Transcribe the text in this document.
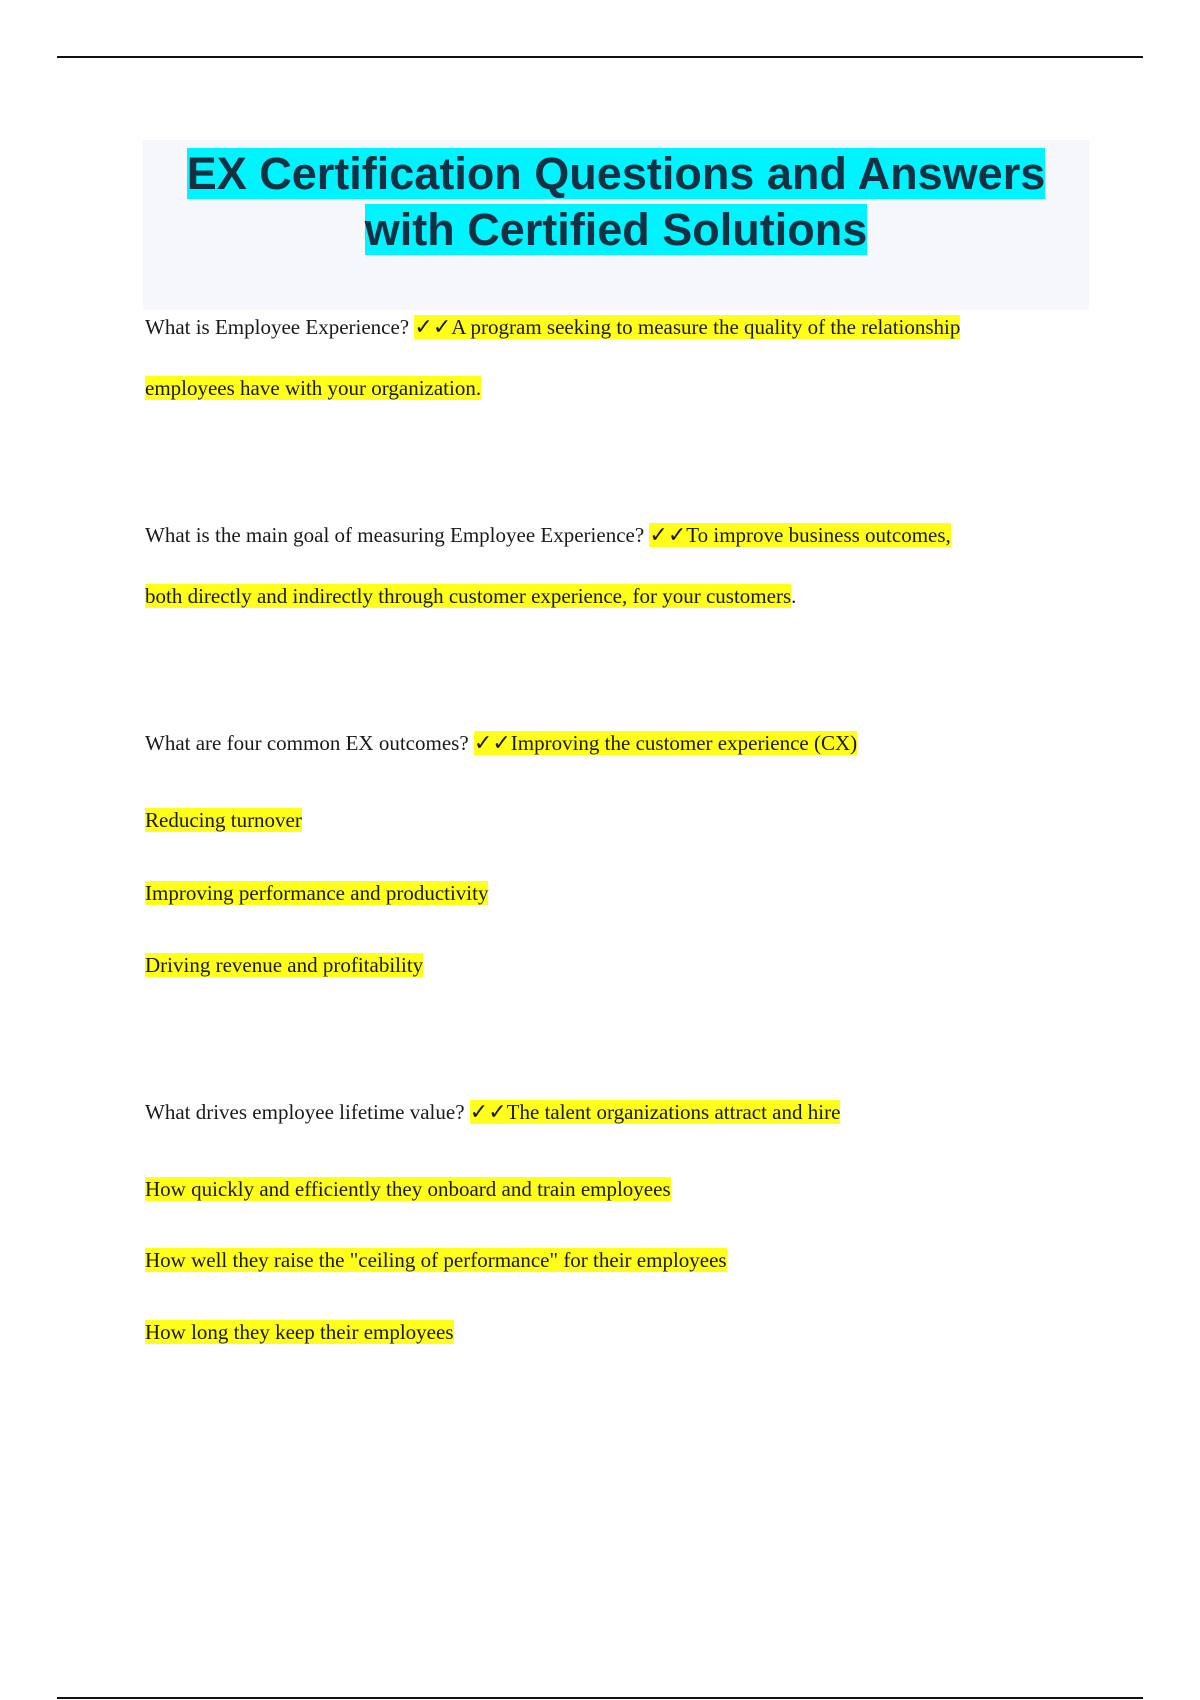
EX Certification Questions and Answers
with Certified Solutions
What is Employee Experience? ✓✓A program seeking to measure the quality of the relationship
employees have with your organization.
What is the main goal of measuring Employee Experience? ✓✓To improve business outcomes,
both directly and indirectly through customer experience, for your customers.
What are four common EX outcomes? ✓✓Improving the customer experience (CX)
Reducing turnover
Improving performance and productivity
Driving revenue and profitability
What drives employee lifetime value? ✓✓The talent organizations attract and hire
How quickly and efficiently they onboard and train employees
How well they raise the "ceiling of performance" for their employees
How long they keep their employees
